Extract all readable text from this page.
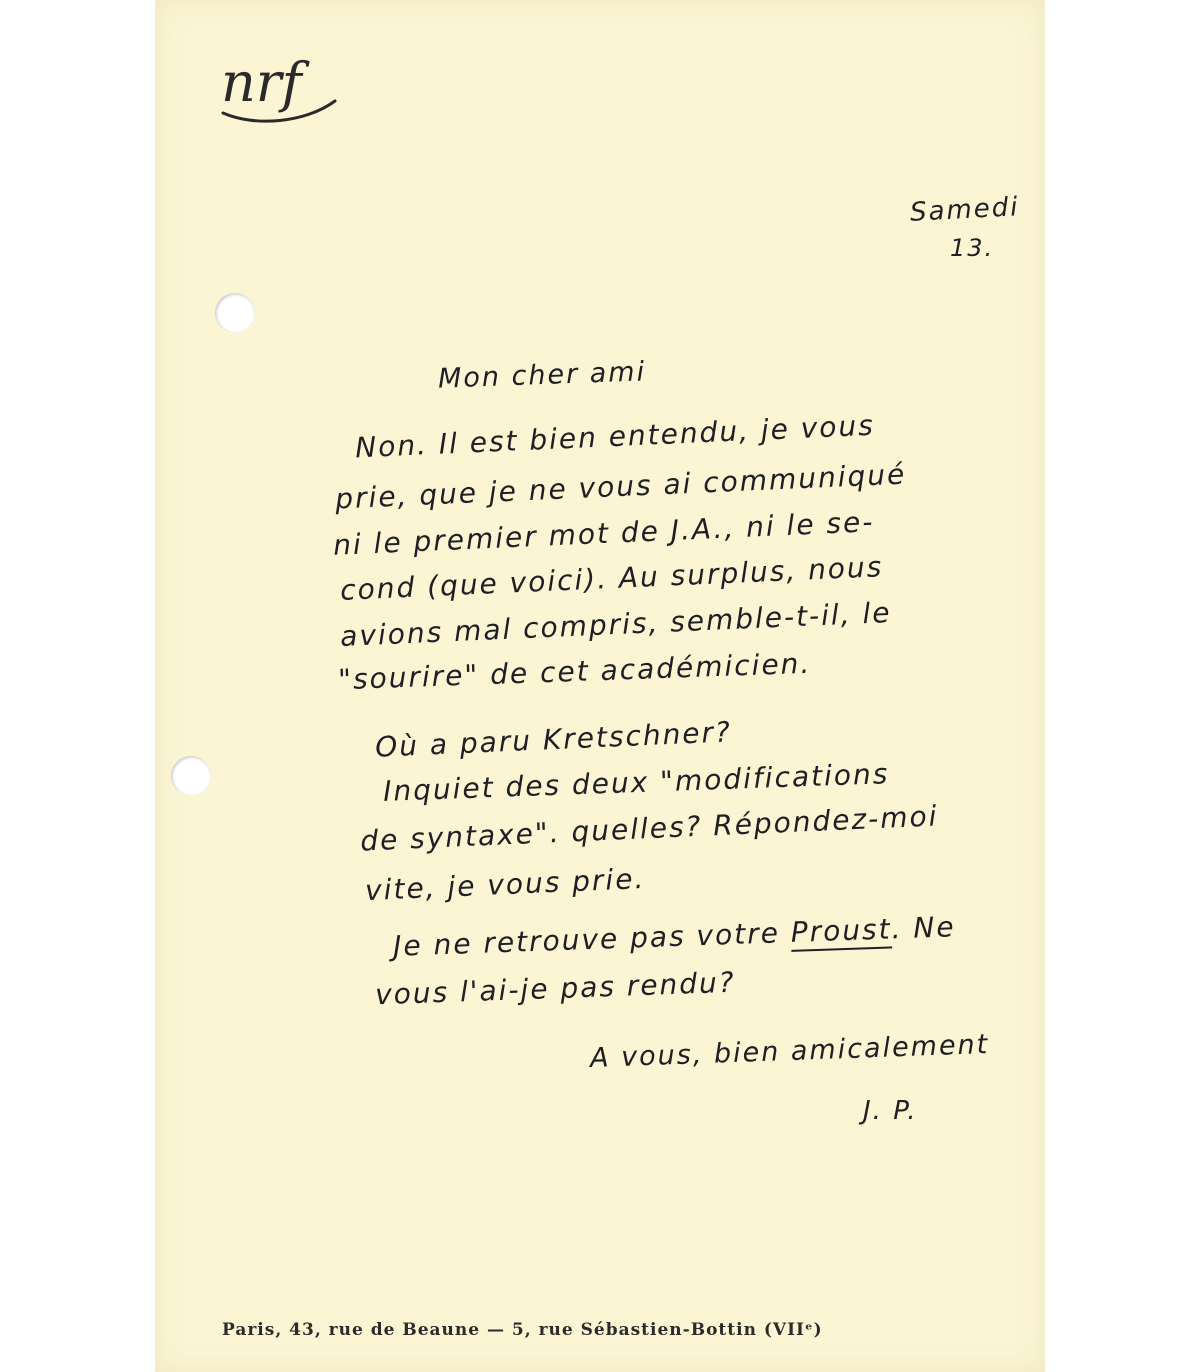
nrf
Samedi
13.
Mon cher ami
Non. Il est bien entendu, je vous
prie, que je ne vous ai communiqué
ni le premier mot de J.A., ni le se-
cond (que voici). Au surplus, nous
avions mal compris, semble-t-il, le
"sourire" de cet académicien.
Où a paru Kretschner?
Inquiet des deux "modifications
de syntaxe". quelles? Répondez-moi
vite, je vous prie.
Je ne retrouve pas votre Proust. Ne
vous l'ai-je pas rendu?
A vous, bien amicalement
J. P.
Paris, 43, rue de Beaune — 5, rue Sébastien-Bottin (VIIᵉ)
